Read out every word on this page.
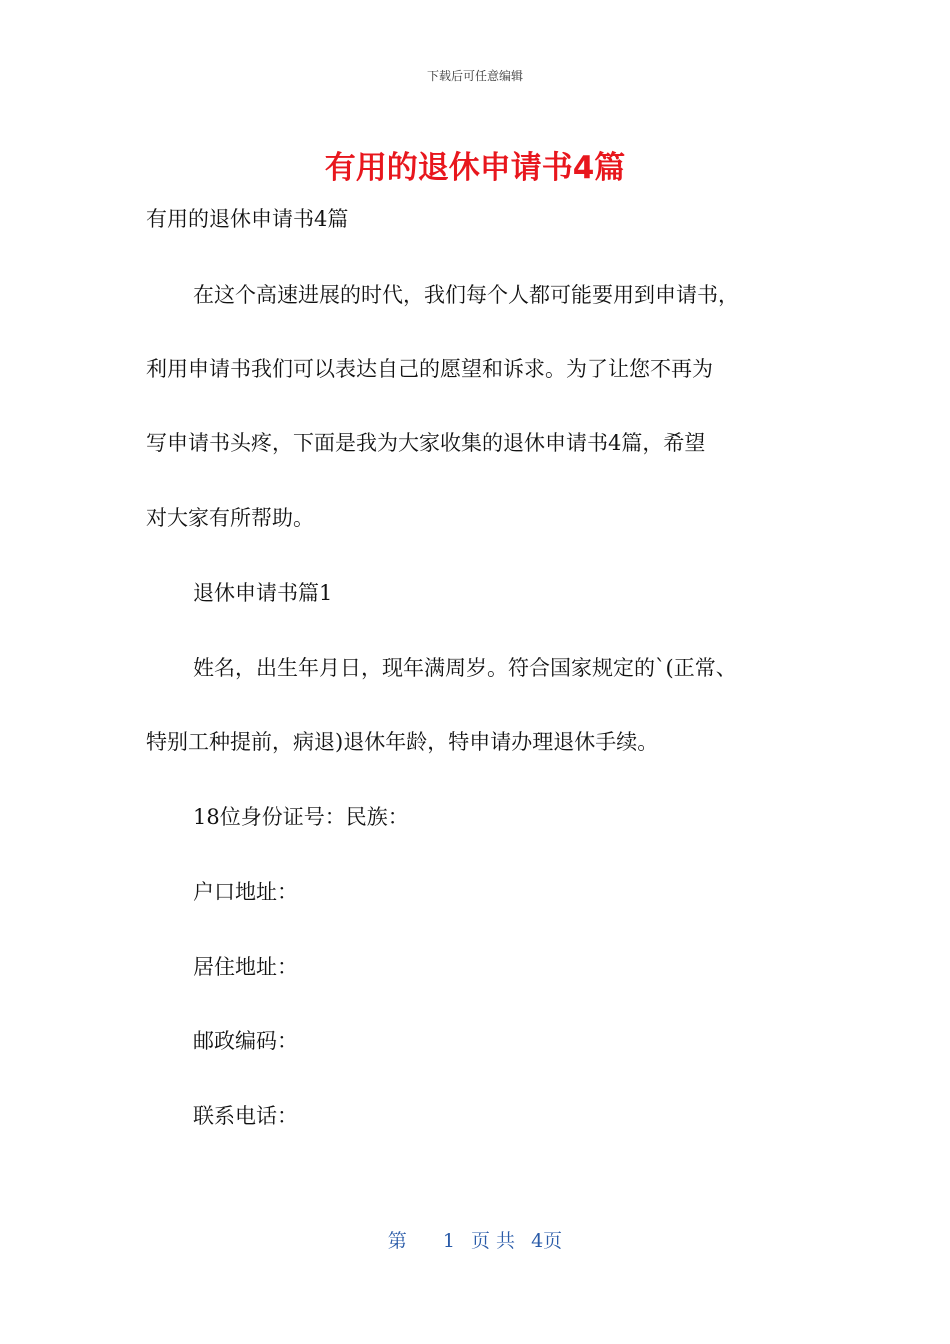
下载后可任意编辑
有用的退休申请书4篇

有用的退休申请书4篇

在这个高速进展的时代，我们每个人都可能要用到申请书，

利用申请书我们可以表达自己的愿望和诉求。为了让您不再为

写申请书头疼，下面是我为大家收集的退休申请书4篇，希望

对大家有所帮助。

退休申请书篇1

姓名，出生年月日，现年满周岁。符合国家规定的`(正常、

特别工种提前，病退)退休年龄，特申请办理退休手续。

18位身份证号：民族：

户口地址：

居住地址：

邮政编码：

联系电话：

第 1 页 共 4页
